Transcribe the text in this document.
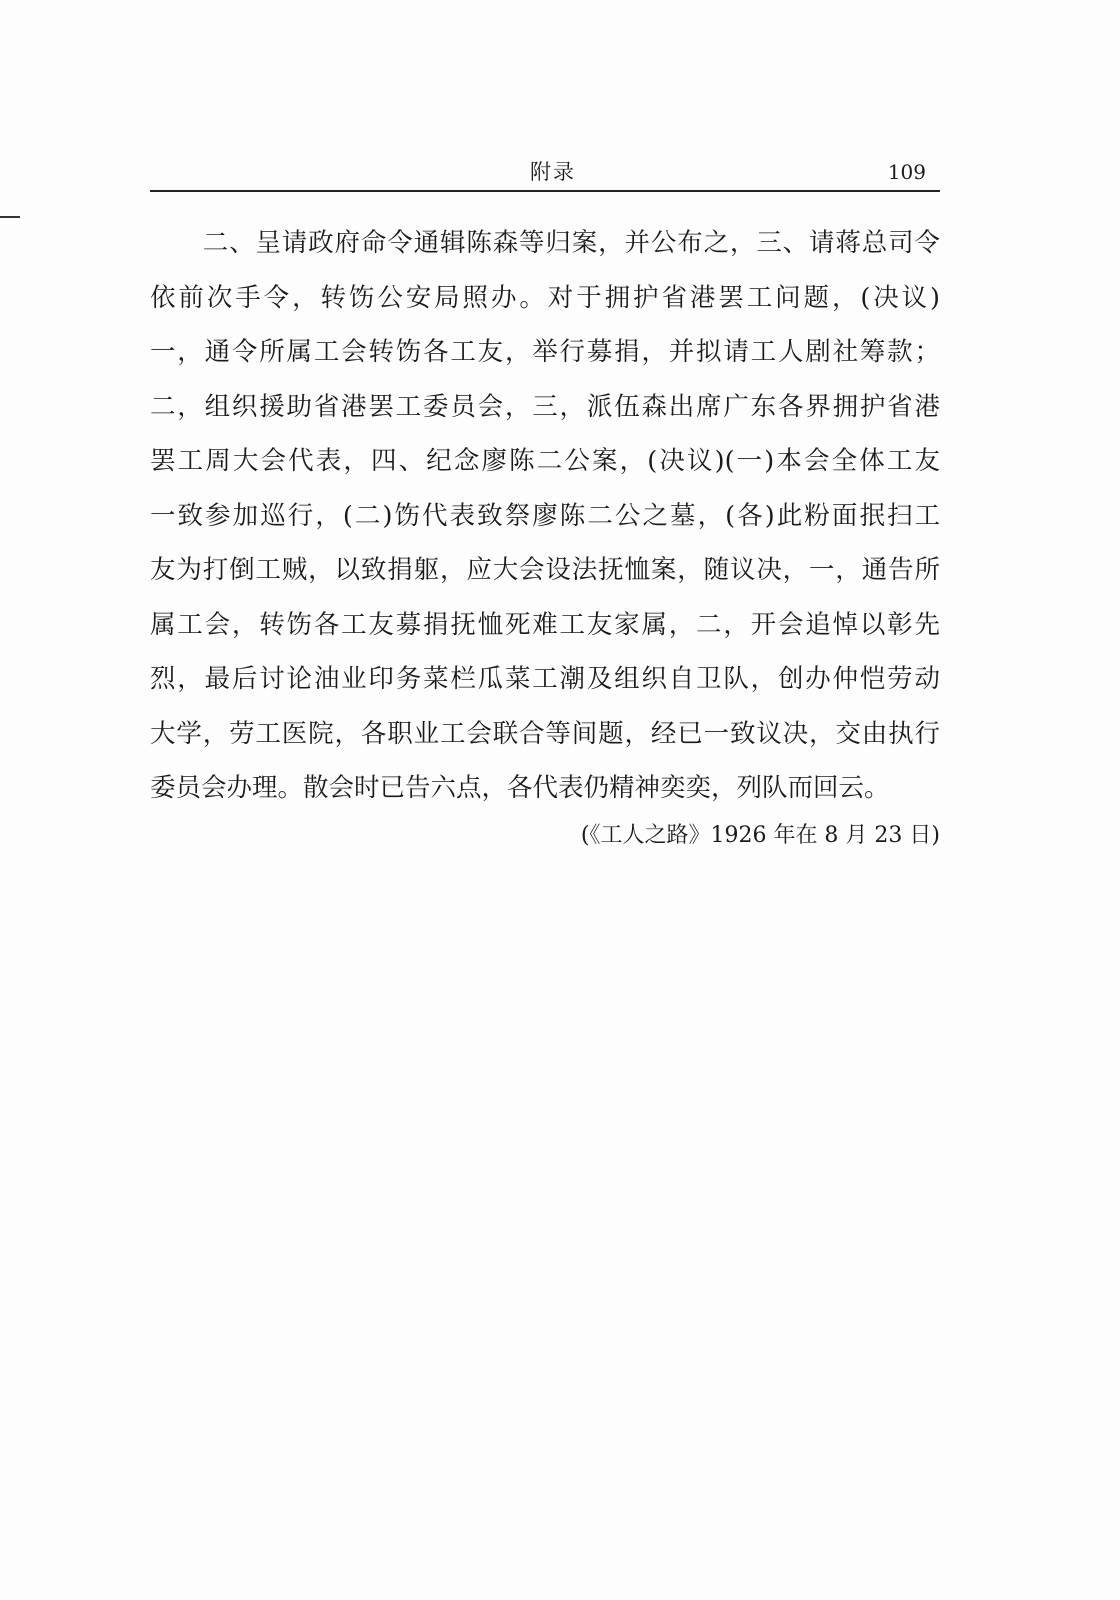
附录	109
　　二、呈请政府命令通辑陈森等归案，并公布之，三、请蒋总司令
依前次手令，转饬公安局照办。对于拥护省港罢工问题，(决议)
一，通令所属工会转饬各工友，举行募捐，并拟请工人剧社筹款；
二，组织援助省港罢工委员会，三，派伍森出席广东各界拥护省港
罢工周大会代表，四、纪念廖陈二公案，(决议)(一)本会全体工友
一致参加巡行，(二)饬代表致祭廖陈二公之墓，(各)此粉面抿扫工
友为打倒工贼，以致捐躯，应大会设法抚恤案，随议决，一，通告所
属工会，转饬各工友募捐抚恤死难工友家属，二，开会追悼以彰先
烈，最后讨论油业印务菜栏瓜菜工潮及组织自卫队，创办仲恺劳动
大学，劳工医院，各职业工会联合等间题，经已一致议决，交由执行
委员会办理。散会时已告六点，各代表仍精神奕奕，列队而回云。
(《工人之路》1926 年在 8 月 23 日)
